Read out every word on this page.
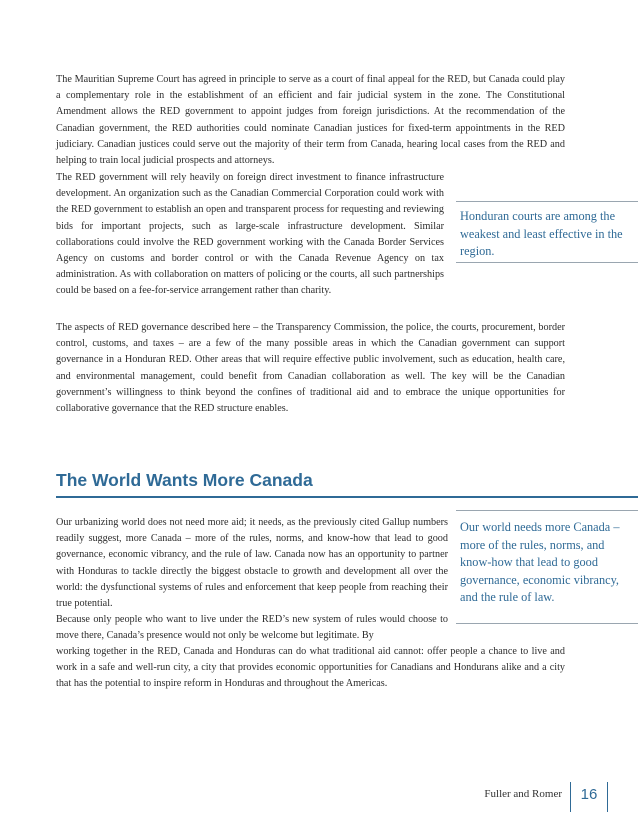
The Mauritian Supreme Court has agreed in principle to serve as a court of final appeal for the RED, but Canada could play a complementary role in the establishment of an efficient and fair judicial system in the zone. The Constitutional Amendment allows the RED government to appoint judges from foreign jurisdictions. At the recommendation of the Canadian government, the RED authorities could nominate Canadian justices for fixed-term appointments in the RED judiciary. Canadian justices could serve out the majority of their term from Canada, hearing local cases from the RED and helping to train local judicial prospects and attorneys.

The RED government will rely heavily on foreign direct investment to finance infrastructure development. An organization such as the Canadian Commercial Corporation could work with the RED government to establish an open and transparent process for requesting and reviewing bids for important projects, such as large-scale infrastructure development. Similar collaborations could involve the RED government working with the Canada Border Services Agency on customs and border control or with the Canada Revenue Agency on tax administration. As with collaboration on matters of policing or the courts, all such partnerships could be based on a fee-for-service arrangement rather than charity.

Honduran courts are among the weakest and least effective in the region.

The aspects of RED governance described here – the Transparency Commission, the police, the courts, procurement, border control, customs, and taxes – are a few of the many possible areas in which the Canadian government can support governance in a Honduran RED. Other areas that will require effective public involvement, such as education, health care, and environmental management, could benefit from Canadian collaboration as well. The key will be the Canadian government’s willingness to think beyond the confines of traditional aid and to embrace the unique opportunities for collaborative governance that the RED structure enables.

The World Wants More Canada

Our urbanizing world does not need more aid; it needs, as the previously cited Gallup numbers readily suggest, more Canada – more of the rules, norms, and know-how that lead to good governance, economic vibrancy, and the rule of law. Canada now has an opportunity to partner with Honduras to tackle directly the biggest obstacle to growth and development all over the world: the dysfunctional systems of rules and enforcement that keep people from reaching their true potential.

Because only people who want to live under the RED’s new system of rules would choose to move there, Canada’s presence would not only be welcome but legitimate. By

Our world needs more Canada – more of the rules, norms, and know-how that lead to good governance, economic vibrancy, and the rule of law.

working together in the RED, Canada and Honduras can do what traditional aid cannot: offer people a chance to live and work in a safe and well-run city, a city that provides economic opportunities for Canadians and Hondurans alike and a city that has the potential to inspire reform in Honduras and throughout the Americas.

Fuller and Romer	16
